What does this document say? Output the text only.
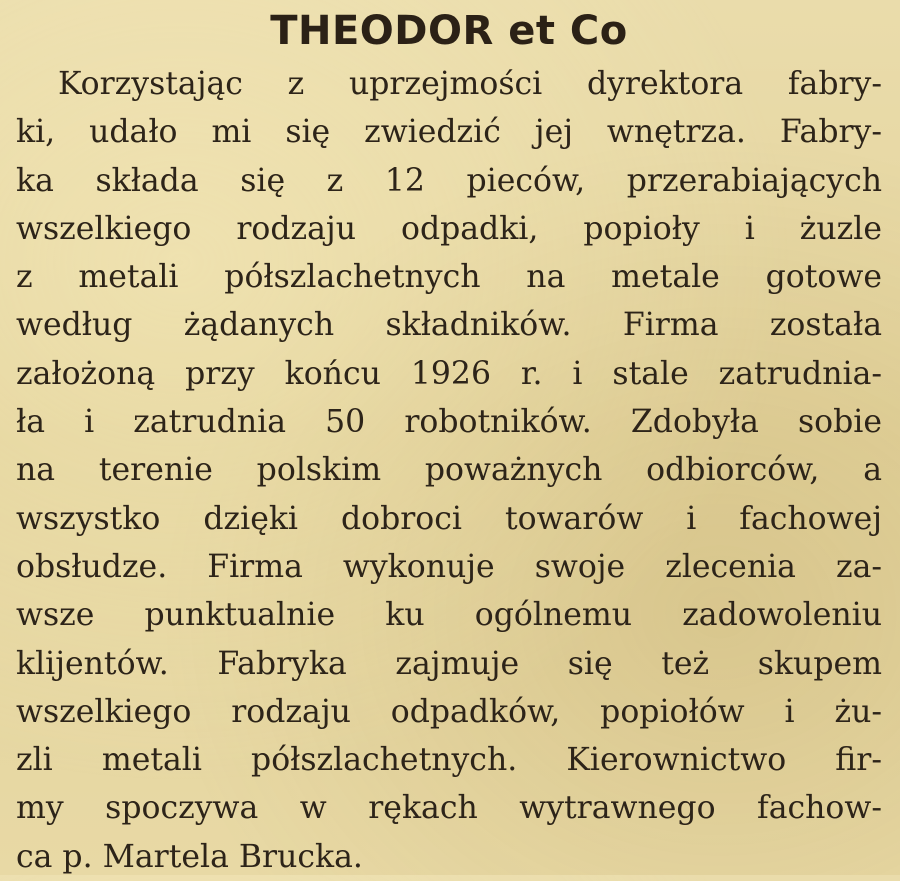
THEODOR et Co
Korzystając z uprzejmości dyrektora fabry-
ki, udało mi się zwiedzić jej wnętrza. Fabry-
ka składa się z 12 pieców, przerabiających
wszelkiego rodzaju odpadki, popioły i żuzle
z metali półszlachetnych na metale gotowe
według żądanych składników. Firma została
założoną przy końcu 1926 r. i stale zatrudnia-
ła i zatrudnia 50 robotników. Zdobyła sobie
na terenie polskim poważnych odbiorców, a
wszystko dzięki dobroci towarów i fachowej
obsłudze. Firma wykonuje swoje zlecenia za-
wsze punktualnie ku ogólnemu zadowoleniu
klijentów. Fabryka zajmuje się też skupem
wszelkiego rodzaju odpadków, popiołów i żu-
zli metali półszlachetnych. Kierownictwo fir-
my spoczywa w rękach wytrawnego fachow-
ca p. Martela Brucka.
